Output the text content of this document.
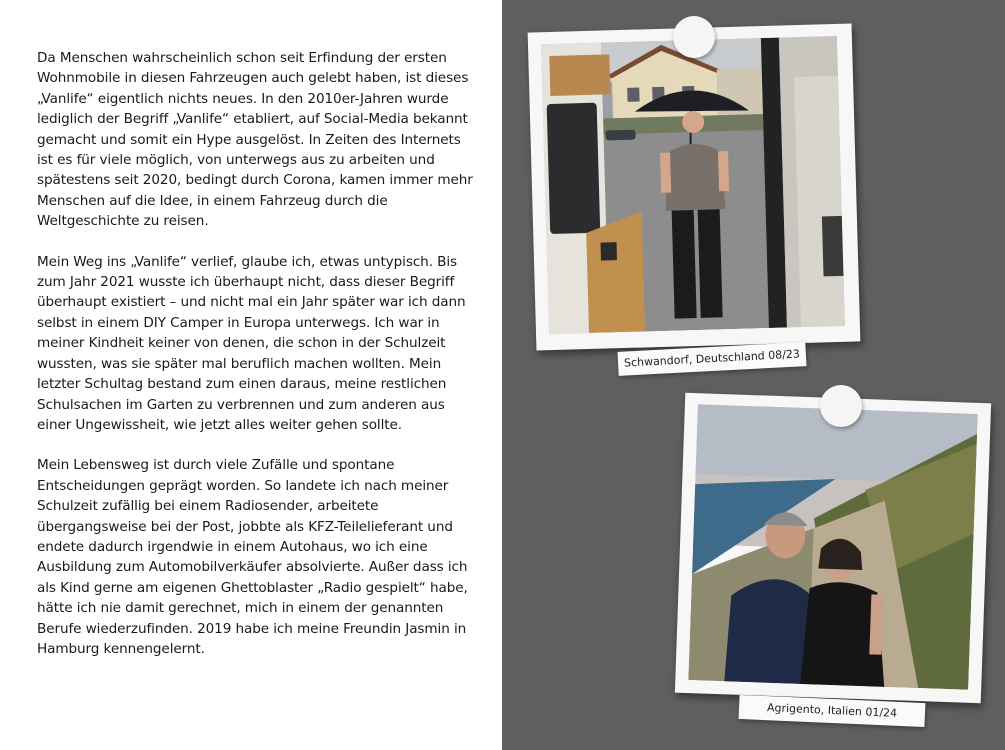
Da Menschen wahrscheinlich schon seit Erfindung der ersten Wohnmobile in diesen Fahrzeugen auch gelebt haben, ist dieses „Vanlife“ eigentlich nichts neues. In den 2010er-Jahren wurde lediglich der Begriff „Vanlife“ etabliert, auf Social-Media bekannt gemacht und somit ein Hype ausgelöst. In Zeiten des Internets ist es für viele möglich, von unterwegs aus zu arbeiten und spätestens seit 2020, bedingt durch Corona, kamen immer mehr Menschen auf die Idee, in einem Fahrzeug durch die Weltgeschichte zu reisen.

Mein Weg ins „Vanlife“ verlief, glaube ich, etwas untypisch. Bis zum Jahr 2021 wusste ich überhaupt nicht, dass dieser Begriff überhaupt existiert – und nicht mal ein Jahr später war ich dann selbst in einem DIY Camper in Europa unterwegs. Ich war in meiner Kindheit keiner von denen, die schon in der Schulzeit wussten, was sie später mal beruflich machen wollten. Mein letzter Schultag bestand zum einen daraus, meine restlichen Schulsachen im Garten zu verbrennen und zum anderen aus einer Ungewissheit, wie jetzt alles weiter gehen sollte.

Mein Lebensweg ist durch viele Zufälle und spontane Entscheidungen geprägt worden. So landete ich nach meiner Schulzeit zufällig bei einem Radiosender, arbeitete übergangsweise bei der Post, jobbte als KFZ-Teilelieferant und endete dadurch irgendwie in einem Autohaus, wo ich eine Ausbildung zum Automobilverkäufer absolvierte. Außer dass ich als Kind gerne am eigenen Ghettoblaster „Radio gespielt“ habe, hätte ich nie damit gerechnet, mich in einem der genannten Berufe wiederzufinden. 2019 habe ich meine Freundin Jasmin in Hamburg kennengelernt.

Schwandorf, Deutschland 08/23
Agrigento, Italien 01/24
